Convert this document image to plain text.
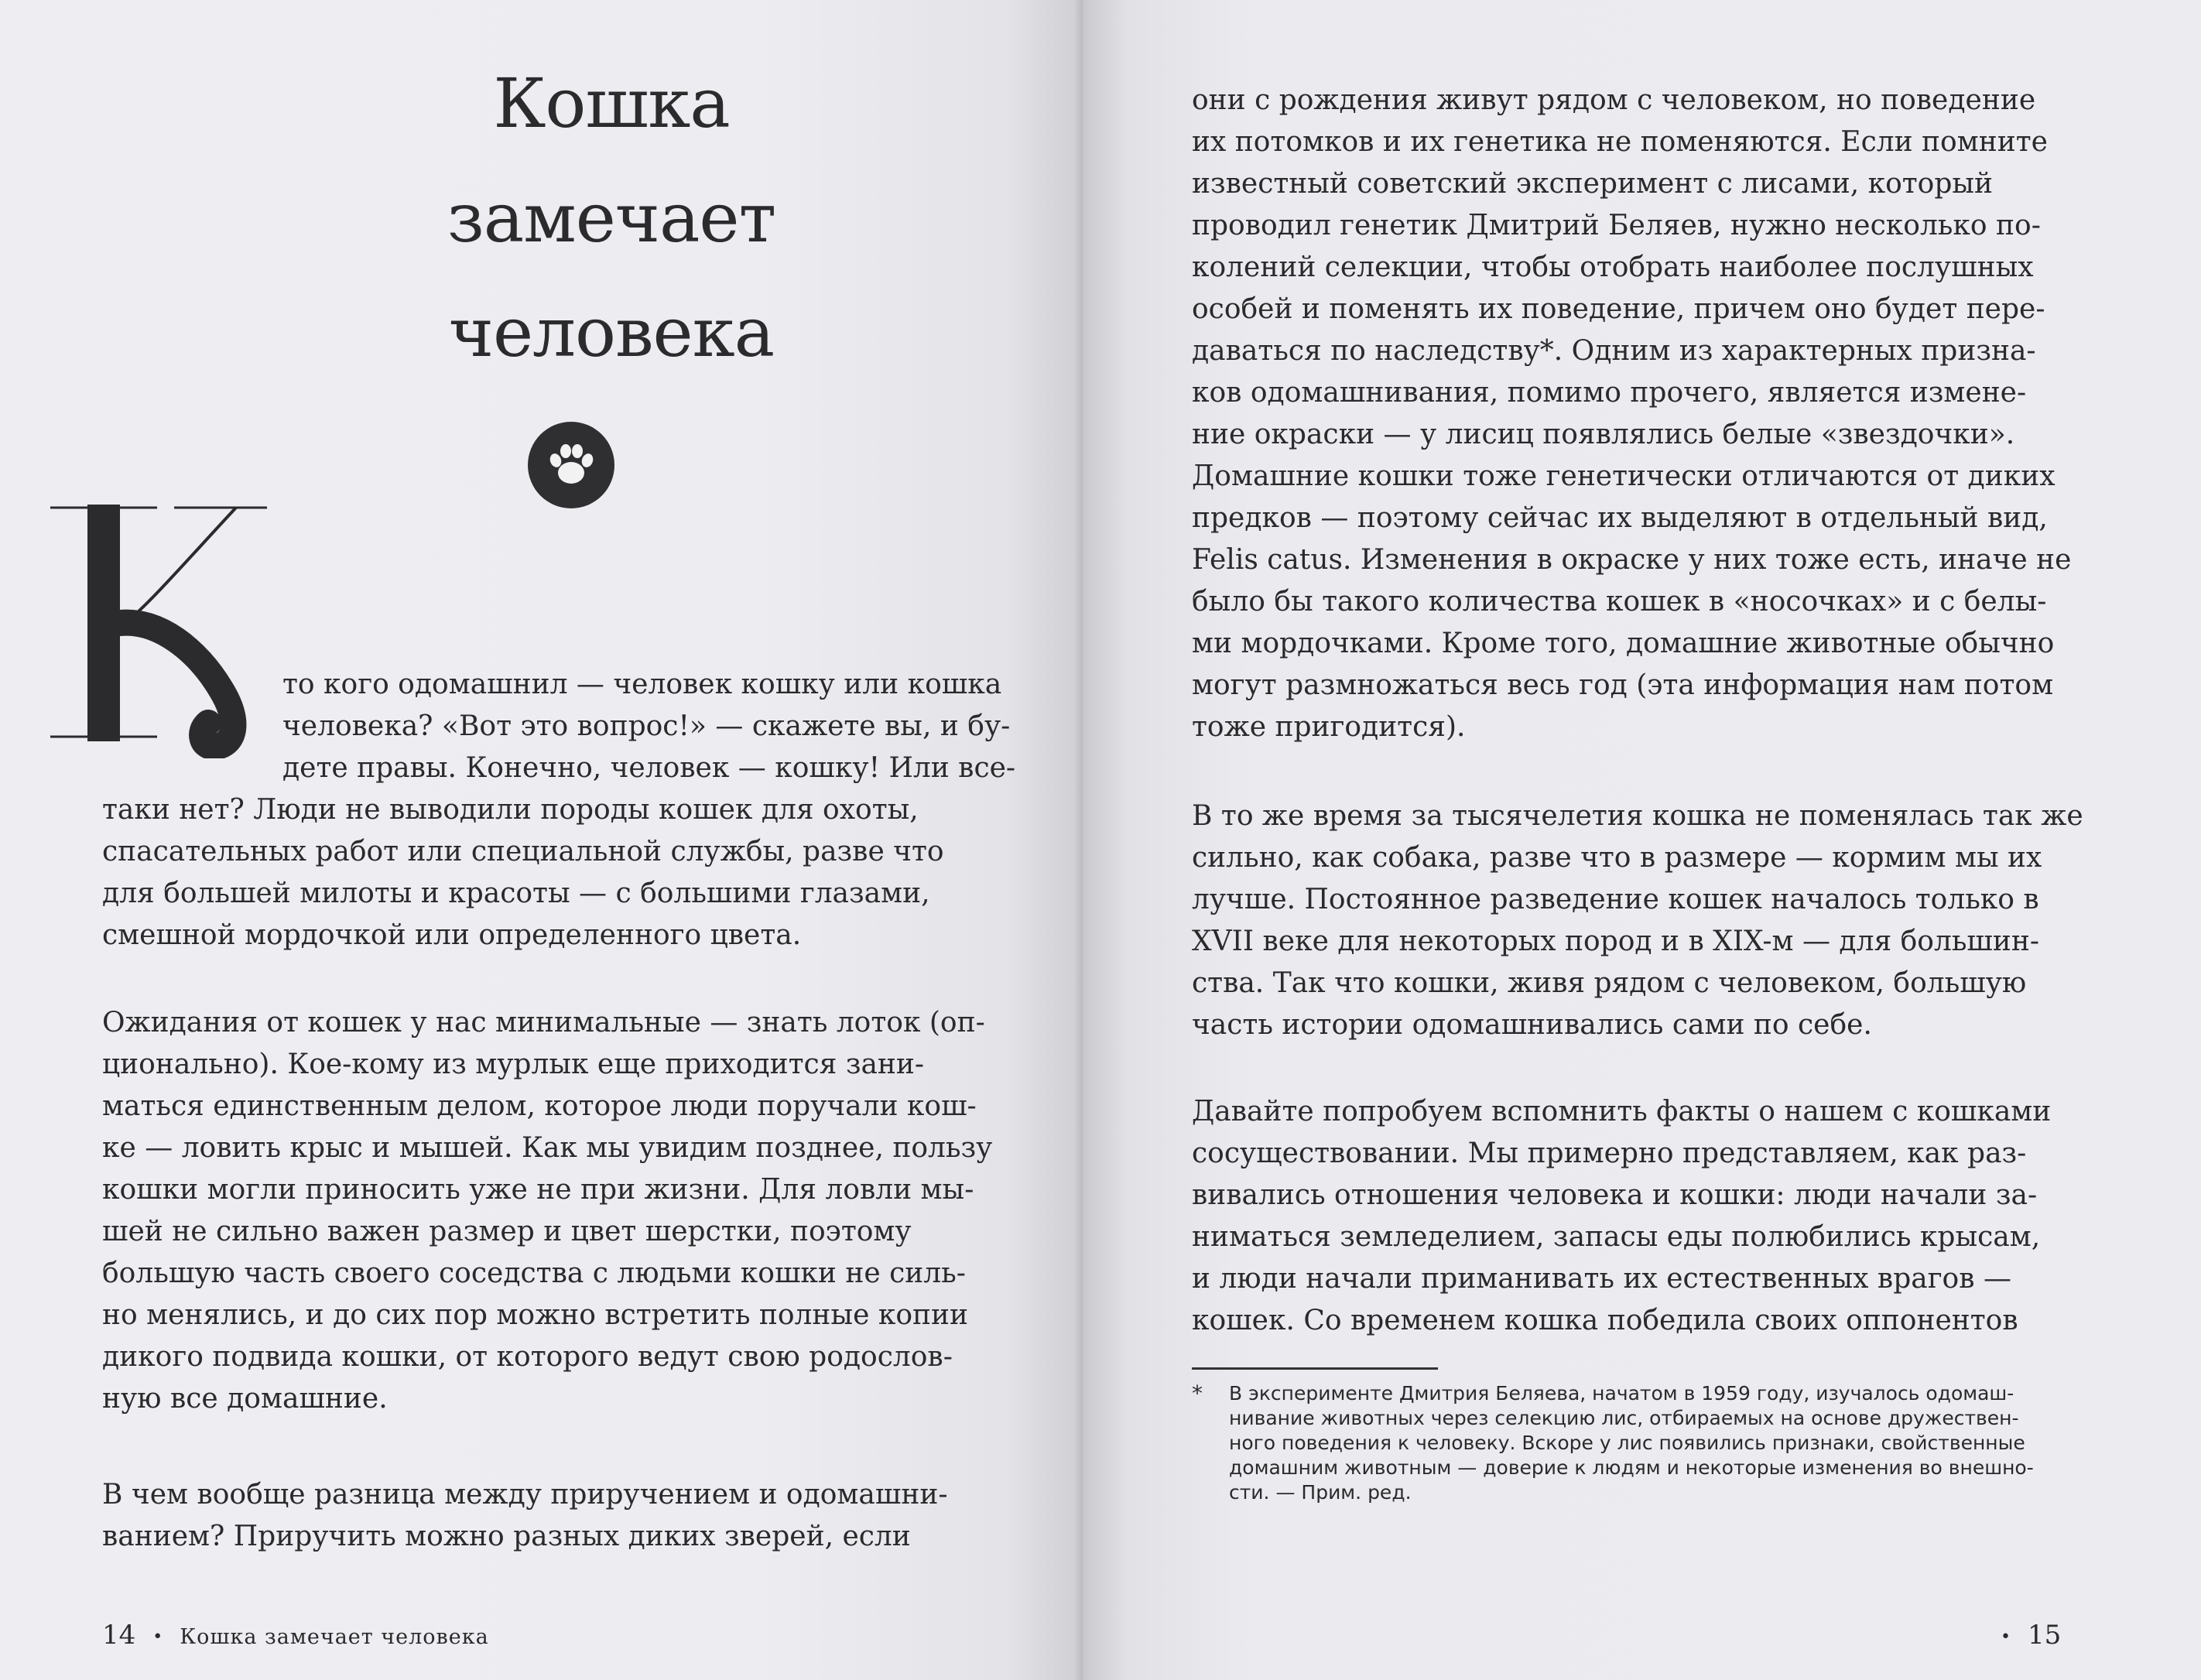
Кошка
замечает
человека
то кого одомашнил — человек кошку или кошка
человека? «Вот это вопрос!» — скажете вы, и бу-
дете правы. Конечно, человек — кошку! Или все-
таки нет? Люди не выводили породы кошек для охоты,
спасательных работ или специальной службы, разве что
для большей милоты и красоты — с большими глазами,
смешной мордочкой или определенного цвета.
Ожидания от кошек у нас минимальные — знать лоток (оп-
ционально). Кое-кому из мурлык еще приходится зани-
маться единственным делом, которое люди поручали кош-
ке — ловить крыс и мышей. Как мы увидим позднее, пользу
кошки могли приносить уже не при жизни. Для ловли мы-
шей не сильно важен размер и цвет шерстки, поэтому
большую часть своего соседства с людьми кошки не силь-
но менялись, и до сих пор можно встретить полные копии
дикого подвида кошки, от которого ведут свою родослов-
ную все домашние.
В чем вообще разница между приручением и одомашни-
ванием? Приручить можно разных диких зверей, если
14 • Кошка замечает человека
они с рождения живут рядом с человеком, но поведение
их потомков и их генетика не поменяются. Если помните
известный советский эксперимент с лисами, который
проводил генетик Дмитрий Беляев, нужно несколько по-
колений селекции, чтобы отобрать наиболее послушных
особей и поменять их поведение, причем оно будет пере-
даваться по наследству*. Одним из характерных призна-
ков одомашнивания, помимо прочего, является измене-
ние окраски — у лисиц появлялись белые «звездочки».
Домашние кошки тоже генетически отличаются от диких
предков — поэтому сейчас их выделяют в отдельный вид,
Felis catus. Изменения в окраске у них тоже есть, иначе не
было бы такого количества кошек в «носочках» и с белы-
ми мордочками. Кроме того, домашние животные обычно
могут размножаться весь год (эта информация нам потом
тоже пригодится).
В то же время за тысячелетия кошка не поменялась так же
сильно, как собака, разве что в размере — кормим мы их
лучше. Постоянное разведение кошек началось только в
XVII веке для некоторых пород и в XIX-м — для большин-
ства. Так что кошки, живя рядом с человеком, большую
часть истории одомашнивались сами по себе.
Давайте попробуем вспомнить факты о нашем с кошками
сосуществовании. Мы примерно представляем, как раз-
вивались отношения человека и кошки: люди начали за-
ниматься земледелием, запасы еды полюбились крысам,
и люди начали приманивать их естественных врагов —
кошек. Со временем кошка победила своих оппонентов
* В эксперименте Дмитрия Беляева, начатом в 1959 году, изучалось одомаш-
нивание животных через селекцию лис, отбираемых на основе дружествен-
ного поведения к человеку. Вскоре у лис появились признаки, свойственные
домашним животным — доверие к людям и некоторые изменения во внешно-
сти. — Прим. ред.
• 15
